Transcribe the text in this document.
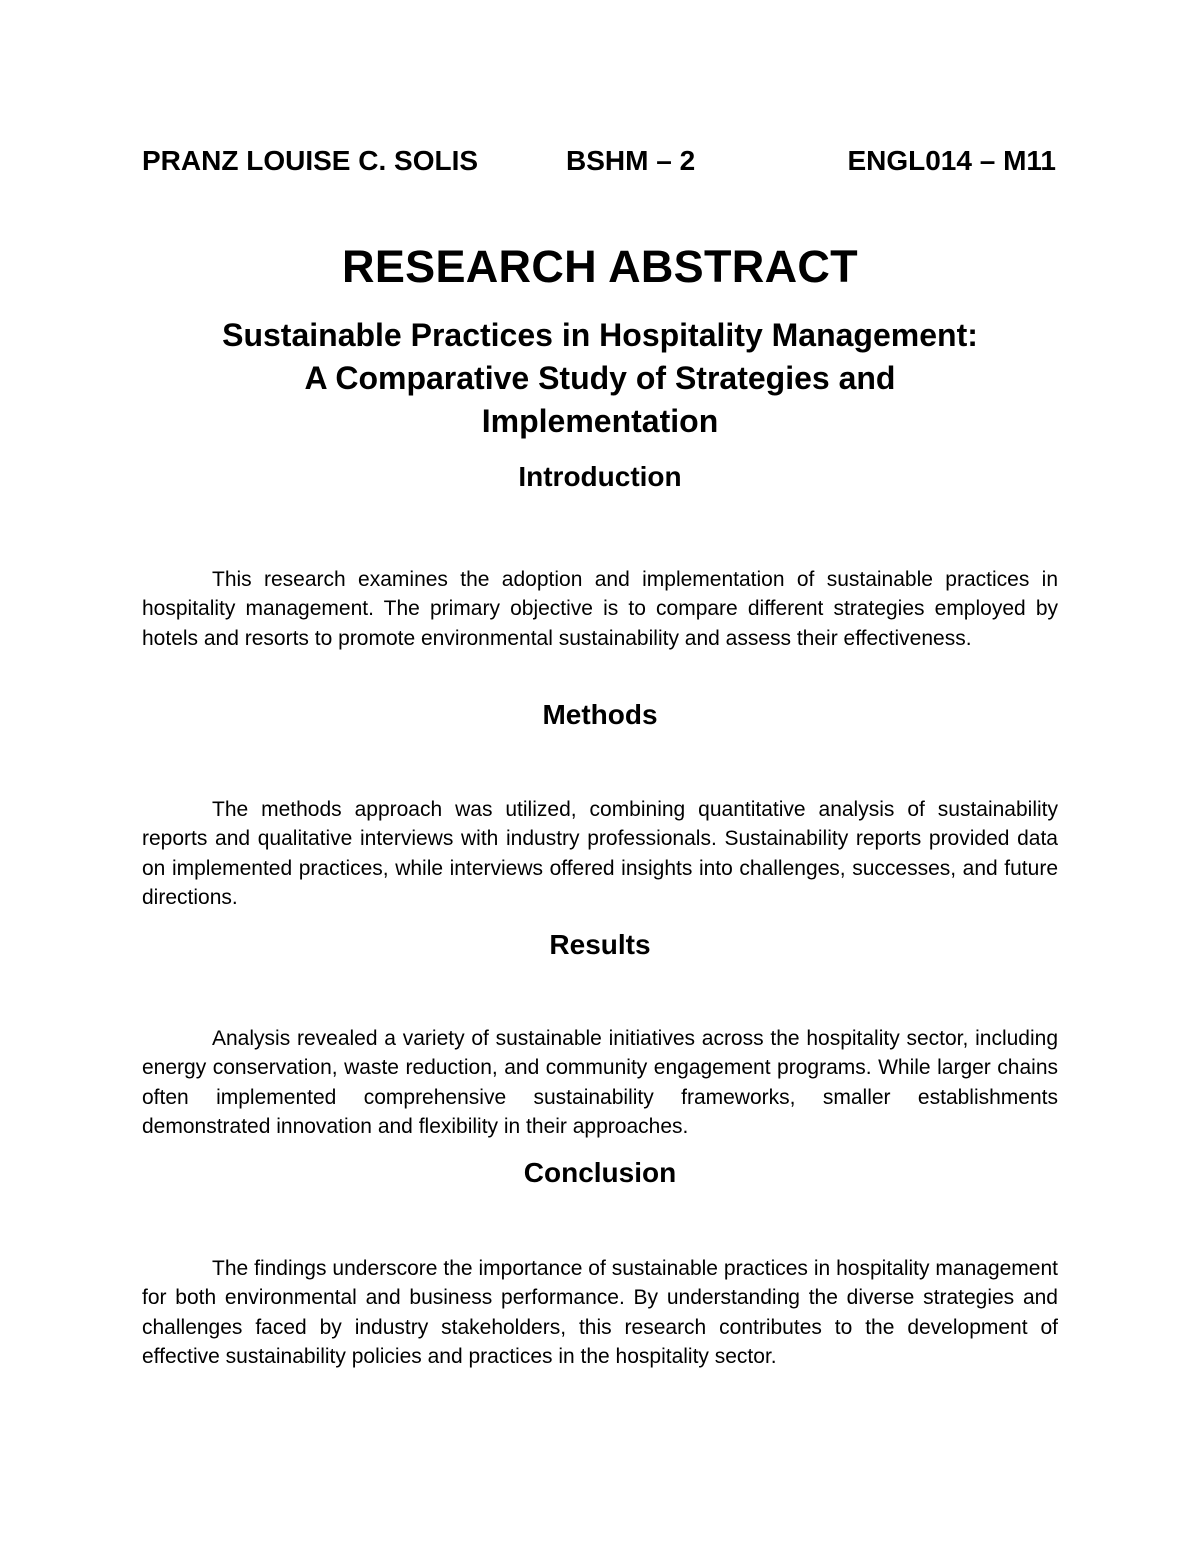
PRANZ LOUISE C. SOLIS	BSHM – 2	ENGL014 – M11
RESEARCH ABSTRACT
Sustainable Practices in Hospitality Management:
A Comparative Study of Strategies and
Implementation
Introduction
This research examines the adoption and implementation of sustainable practices in hospitality management. The primary objective is to compare different strategies employed by hotels and resorts to promote environmental sustainability and assess their effectiveness.
Methods
The methods approach was utilized, combining quantitative analysis of sustainability reports and qualitative interviews with industry professionals. Sustainability reports provided data on implemented practices, while interviews offered insights into challenges, successes, and future directions.
Results
Analysis revealed a variety of sustainable initiatives across the hospitality sector, including energy conservation, waste reduction, and community engagement programs. While larger chains often implemented comprehensive sustainability frameworks, smaller establishments demonstrated innovation and flexibility in their approaches.
Conclusion
The findings underscore the importance of sustainable practices in hospitality management for both environmental and business performance. By understanding the diverse strategies and challenges faced by industry stakeholders, this research contributes to the development of effective sustainability policies and practices in the hospitality sector.
